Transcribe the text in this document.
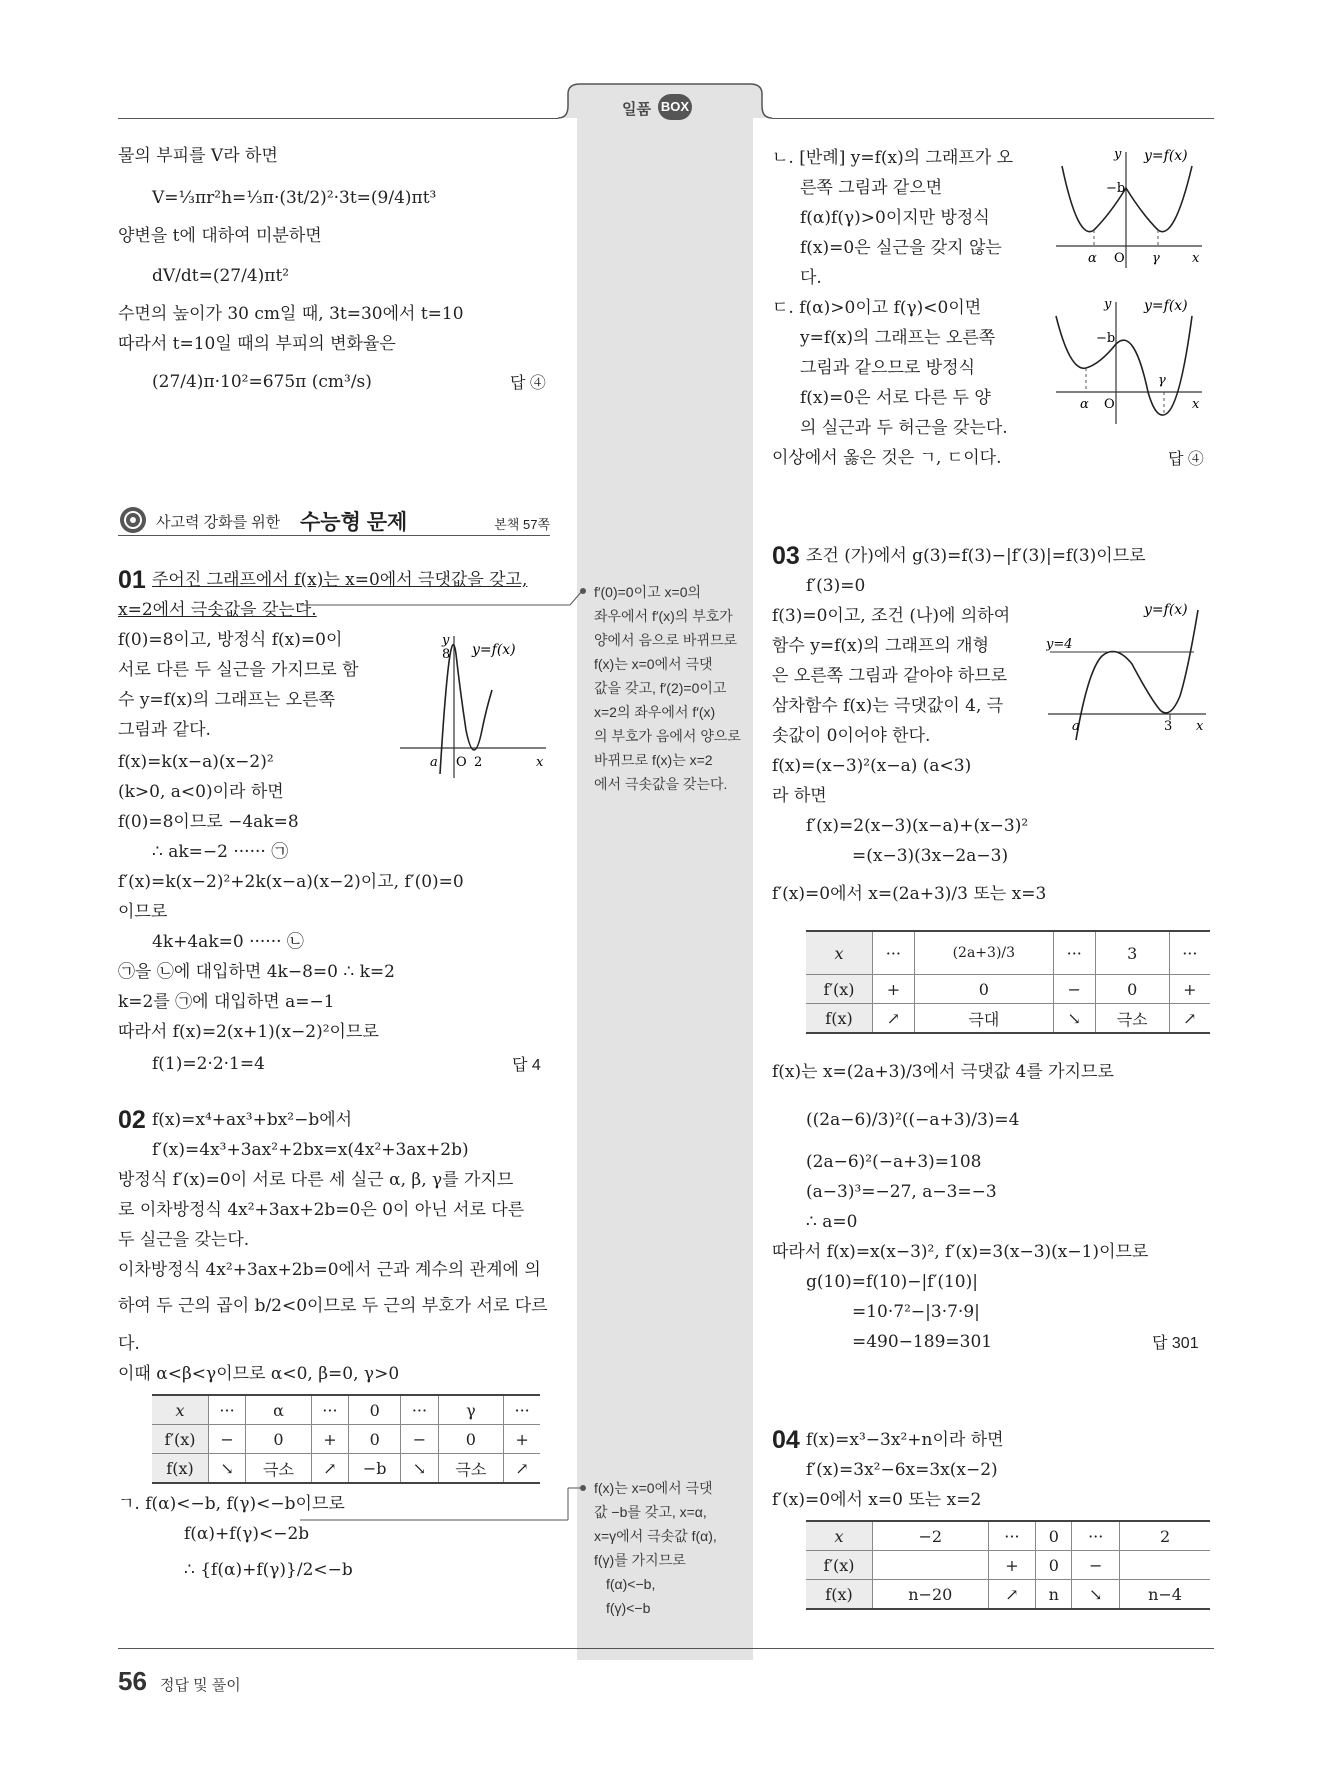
일품 BOX
물의 부피를 V라 하면
V=⅓πr²h=⅓π·(3t/2)²·3t=(9/4)πt³
양변을 t에 대하여 미분하면
dV/dt=(27/4)πt²
수면의 높이가 30 cm일 때, 3t=30에서 t=10
따라서 t=10일 때의 부피의 변화율은
(27/4)π·10²=675π (cm³/s)	답 ④
사고력 강화를 위한 수능형 문제	본책 57쪽
01 주어진 그래프에서 f(x)는 x=0에서 극댓값을 갖고,
x=2에서 극솟값을 갖는다.
f(0)=8이고, 방정식 f(x)=0이
서로 다른 두 실근을 가지므로 함
수 y=f(x)의 그래프는 오른쪽
그림과 같다.
f(x)=k(x−a)(x−2)²
(k>0, a<0)이라 하면
f(0)=8이므로 −4ak=8
∴ ak=−2 ······ ㉠
f′(x)=k(x−2)²+2k(x−a)(x−2)이고, f′(0)=0
이므로
4k+4ak=0 ······ ㉡
㉠을 ㉡에 대입하면 4k−8=0 ∴ k=2
k=2를 ㉠에 대입하면 a=−1
따라서 f(x)=2(x+1)(x−2)²이므로
f(1)=2·2·1=4	답 4
y
8 y=f(x)
a O 2	x
02 f(x)=x⁴+ax³+bx²−b에서
f′(x)=4x³+3ax²+2bx=x(4x²+3ax+2b)
방정식 f′(x)=0이 서로 다른 세 실근 α, β, γ를 가지므
로 이차방정식 4x²+3ax+2b=0은 0이 아닌 서로 다른
두 실근을 갖는다.
이차방정식 4x²+3ax+2b=0에서 근과 계수의 관계에 의
하여 두 근의 곱이 b/2<0이므로 두 근의 부호가 서로 다르
다.
이때 α<β<γ이므로 α<0, β=0, γ>0
x	···	α	···	0	···	γ	···
f′(x)	−	0	+	0	−	0	+
f(x)	↘	극소	↗	−b	↘	극소	↗
ㄱ. f(α)<−b, f(γ)<−b이므로
f(α)+f(γ)<−2b
∴ {f(α)+f(γ)}/2<−b
f′(0)=0이고 x=0의
좌우에서 f′(x)의 부호가
양에서 음으로 바뀌므로
f(x)는 x=0에서 극댓
값을 갖고, f′(2)=0이고
x=2의 좌우에서 f′(x)
의 부호가 음에서 양으로
바뀌므로 f(x)는 x=2
에서 극솟값을 갖는다.
f(x)는 x=0에서 극댓
값 −b를 갖고, x=α,
x=γ에서 극솟값 f(α),
f(γ)를 가지므로
f(α)<−b,
f(γ)<−b
ㄴ. [반례] y=f(x)의 그래프가 오
른쪽 그림과 같으면
f(α)f(γ)>0이지만 방정식
f(x)=0은 실근을 갖지 않는
다.
ㄷ. f(α)>0이고 f(γ)<0이면
y=f(x)의 그래프는 오른쪽
그림과 같으므로 방정식
f(x)=0은 서로 다른 두 양
의 실근과 두 허근을 갖는다.
이상에서 옳은 것은 ㄱ, ㄷ이다.	답 ④
y y=f(x)
−b
α O γ x
y y=f(x)
−b
α O
γ
x
03 조건 (가)에서 g(3)=f(3)−|f′(3)|=f(3)이므로
f′(3)=0
f(3)=0이고, 조건 (나)에 의하여
함수 y=f(x)의 그래프의 개형
은 오른쪽 그림과 같아야 하므로
삼차함수 f(x)는 극댓값이 4, 극
솟값이 0이어야 한다.
f(x)=(x−3)²(x−a) (a<3)
라 하면
f′(x)=2(x−3)(x−a)+(x−3)²
=(x−3)(3x−2a−3)
f′(x)=0에서 x=(2a+3)/3 또는 x=3
y=f(x)
y=4
a	3 x
x	···	(2a+3)/3	···	3	···
f′(x)	+	0	−	0	+
f(x)	↗	극대	↘	극소	↗
f(x)는 x=(2a+3)/3에서 극댓값 4를 가지므로
((2a−6)/3)²((−a+3)/3)=4
(2a−6)²(−a+3)=108
(a−3)³=−27, a−3=−3
∴ a=0
따라서 f(x)=x(x−3)², f′(x)=3(x−3)(x−1)이므로
g(10)=f(10)−|f′(10)|
=10·7²−|3·7·9|
=490−189=301	답 301
04 f(x)=x³−3x²+n이라 하면
f′(x)=3x²−6x=3x(x−2)
f′(x)=0에서 x=0 또는 x=2
x	−2	···	0	···	2
f′(x)		+	0	−	
f(x)	n−20	↗	n	↘	n−4
56 정답 및 풀이
